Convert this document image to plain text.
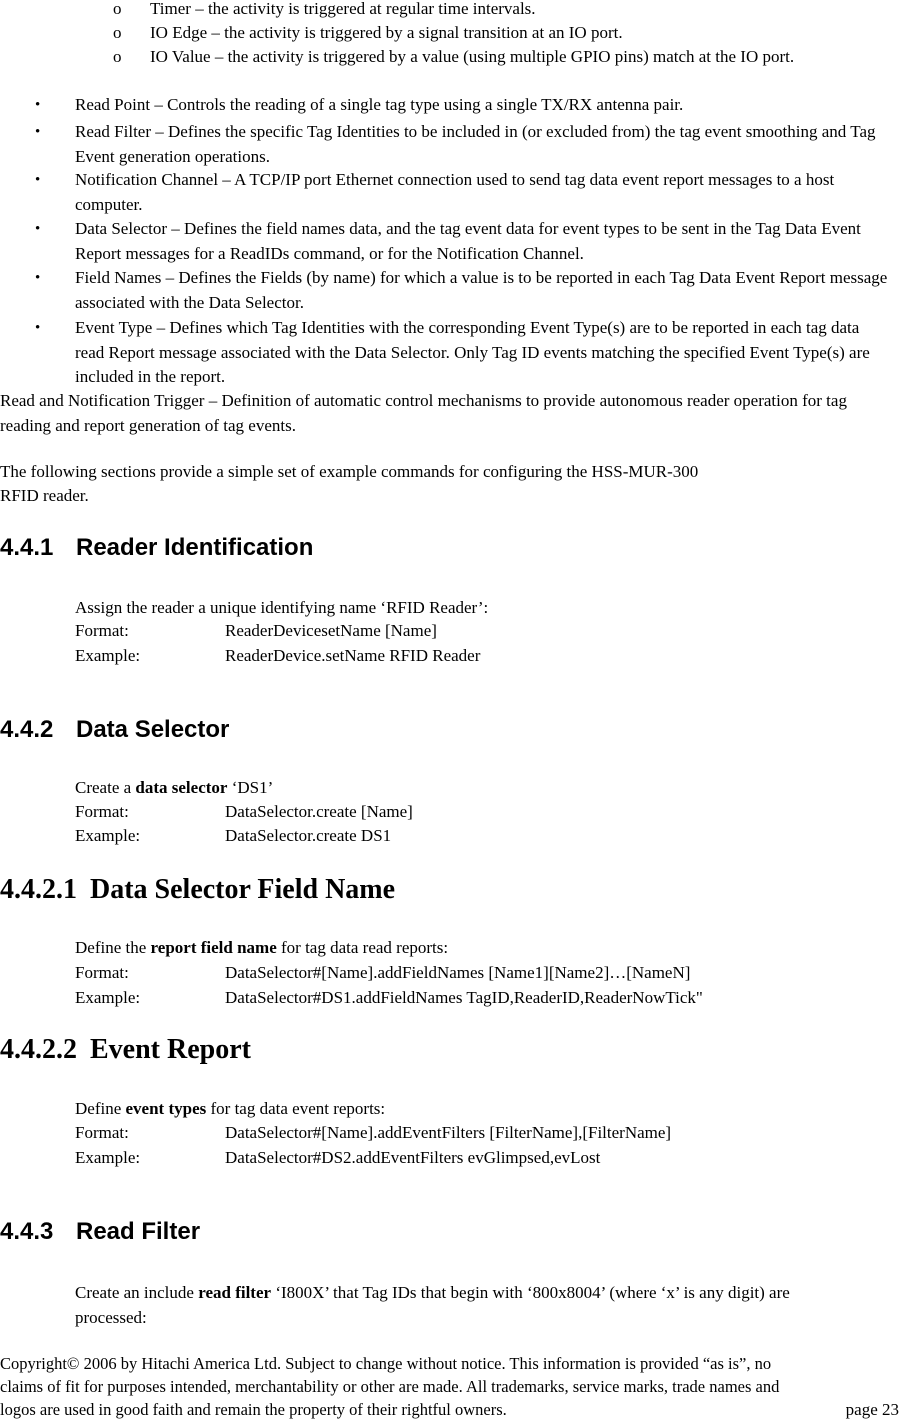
o Timer – the activity is triggered at regular time intervals.
o IO Edge – the activity is triggered by a signal transition at an IO port.
o IO Value – the activity is triggered by a value (using multiple GPIO pins) match at the IO port.
• Read Point – Controls the reading of a single tag type using a single TX/RX antenna pair.
• Read Filter – Defines the specific Tag Identities to be included in (or excluded from) the tag event smoothing and Tag Event generation operations.
• Notification Channel – A TCP/IP port Ethernet connection used to send tag data event report messages to a host computer.
• Data Selector – Defines the field names data, and the tag event data for event types to be sent in the Tag Data Event Report messages for a ReadIDs command, or for the Notification Channel.
• Field Names – Defines the Fields (by name) for which a value is to be reported in each Tag Data Event Report message associated with the Data Selector.
• Event Type – Defines which Tag Identities with the corresponding Event Type(s) are to be reported in each tag data read Report message associated with the Data Selector. Only Tag ID events matching the specified Event Type(s) are included in the report.
Read and Notification Trigger – Definition of automatic control mechanisms to provide autonomous reader operation for tag reading and report generation of tag events.
The following sections provide a simple set of example commands for configuring the HSS-MUR-300
RFID reader.
4.4.1 Reader Identification
Assign the reader a unique identifying name ‘RFID Reader’:
Format:	ReaderDevicesetName [Name]
Example:	ReaderDevice.setName RFID Reader
4.4.2 Data Selector
Create a data selector ‘DS1’
Format:	DataSelector.create [Name]
Example:	DataSelector.create DS1
4.4.2.1 Data Selector Field Name
Define the report field name for tag data read reports:
Format:	DataSelector#[Name].addFieldNames [Name1][Name2]…[NameN]
Example:	DataSelector#DS1.addFieldNames TagID,ReaderID,ReaderNowTick"
4.4.2.2 Event Report
Define event types for tag data event reports:
Format:	DataSelector#[Name].addEventFilters [FilterName],[FilterName]
Example:	DataSelector#DS2.addEventFilters evGlimpsed,evLost
4.4.3 Read Filter
Create an include read filter ‘I800X’ that Tag IDs that begin with ‘800x8004’ (where ‘x’ is any digit) are processed:
Copyright© 2006 by Hitachi America Ltd. Subject to change without notice. This information is provided “as is”, no
claims of fit for purposes intended, merchantability or other are made. All trademarks, service marks, trade names and
logos are used in good faith and remain the property of their rightful owners.	page 23
